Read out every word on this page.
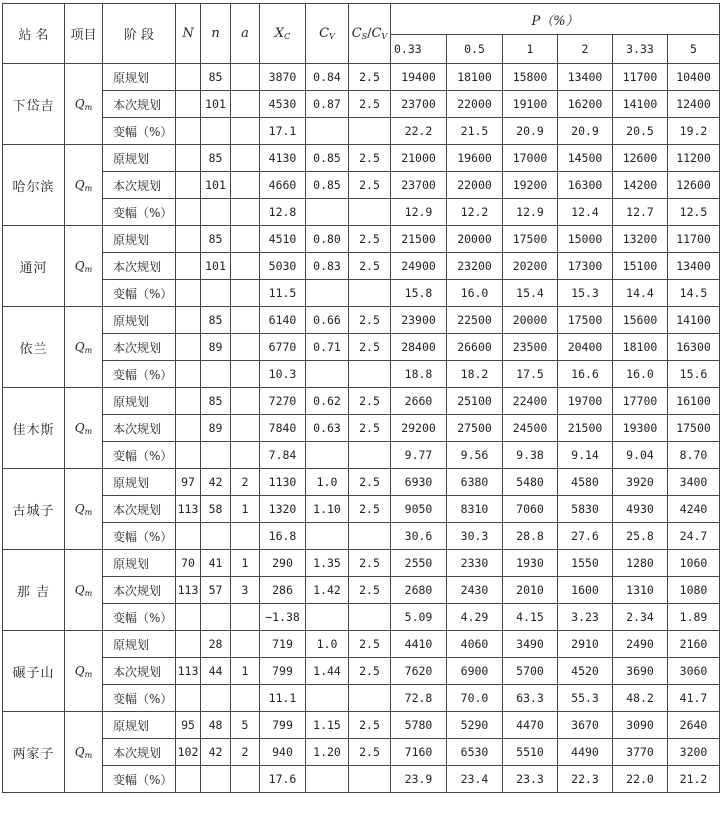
站 名	项目	阶 段	N	n	a	$X_C$	$C_V$	$C_S/C_V$	P（%）					
									0.33	0.5	1	2	3.33	5
下岱吉	$Q_m$	原规划		85		3870	0.84	2.5	19400	18100	15800	13400	11700	10400
		本次规划		101		4530	0.87	2.5	23700	22000	19100	16200	14100	12400
		变幅（%）				17.1			22.2	21.5	20.9	20.9	20.5	19.2
哈尔滨	$Q_m$	原规划		85		4130	0.85	2.5	21000	19600	17000	14500	12600	11200
		本次规划		101		4660	0.85	2.5	23700	22000	19200	16300	14200	12600
		变幅（%）				12.8			12.9	12.2	12.9	12.4	12.7	12.5
通河	$Q_m$	原规划		85		4510	0.80	2.5	21500	20000	17500	15000	13200	11700
		本次规划		101		5030	0.83	2.5	24900	23200	20200	17300	15100	13400
		变幅（%）				11.5			15.8	16.0	15.4	15.3	14.4	14.5
依兰	$Q_m$	原规划		85		6140	0.66	2.5	23900	22500	20000	17500	15600	14100
		本次规划		89		6770	0.71	2.5	28400	26600	23500	20400	18100	16300
		变幅（%）				10.3			18.8	18.2	17.5	16.6	16.0	15.6
佳木斯	$Q_m$	原规划		85		7270	0.62	2.5	2660	25100	22400	19700	17700	16100
		本次规划		89		7840	0.63	2.5	29200	27500	24500	21500	19300	17500
		变幅（%）				7.84			9.77	9.56	9.38	9.14	9.04	8.70
古城子	$Q_m$	原规划	97	42	2	1130	1.0	2.5	6930	6380	5480	4580	3920	3400
		本次规划	113	58	1	1320	1.10	2.5	9050	8310	7060	5830	4930	4240
		变幅（%）				16.8			30.6	30.3	28.8	27.6	25.8	24.7
那 吉	$Q_m$	原规划	70	41	1	290	1.35	2.5	2550	2330	1930	1550	1280	1060
		本次规划	113	57	3	286	1.42	2.5	2680	2430	2010	1600	1310	1080
		变幅（%）				−1.38			5.09	4.29	4.15	3.23	2.34	1.89
碾子山	$Q_m$	原规划		28		719	1.0	2.5	4410	4060	3490	2910	2490	2160
		本次规划	113	44	1	799	1.44	2.5	7620	6900	5700	4520	3690	3060
		变幅（%）				11.1			72.8	70.0	63.3	55.3	48.2	41.7
两家子	$Q_m$	原规划	95	48	5	799	1.15	2.5	5780	5290	4470	3670	3090	2640
		本次规划	102	42	2	940	1.20	2.5	7160	6530	5510	4490	3770	3200
		变幅（%）				17.6			23.9	23.4	23.3	22.3	22.0	21.2
